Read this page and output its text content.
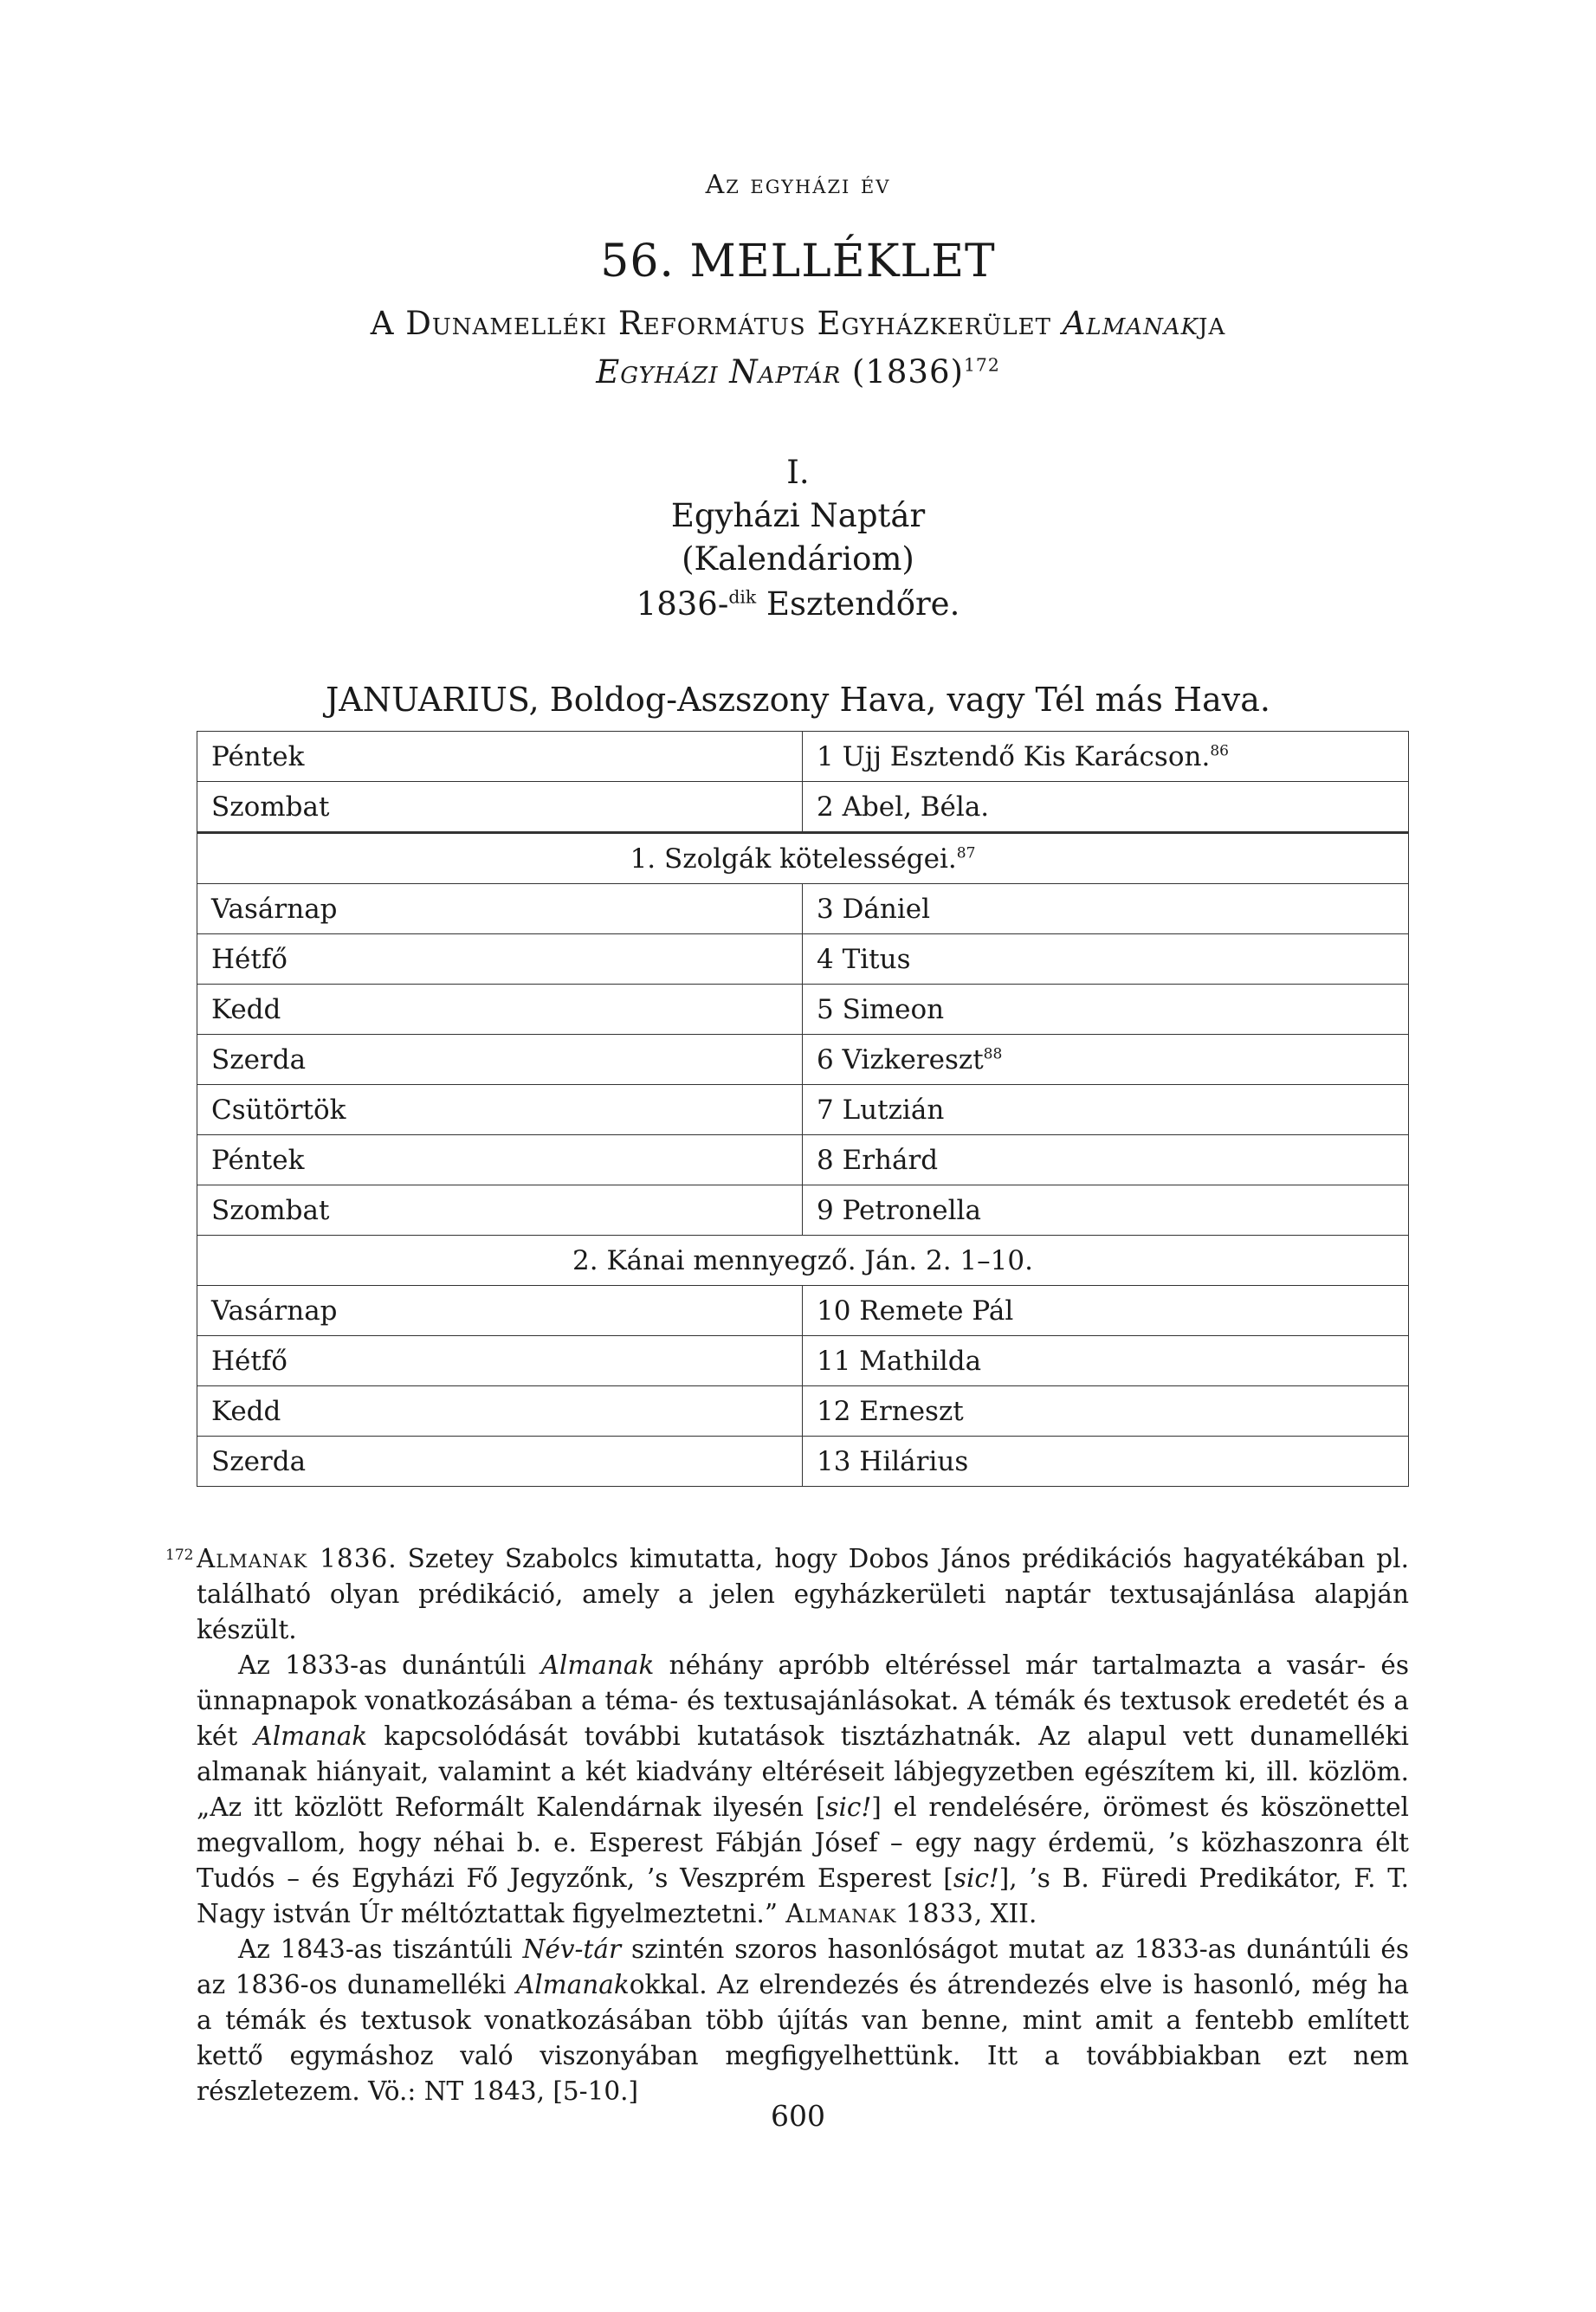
Az egyházi év
56. MELLÉKLET
A Dunamelléki Református Egyházkerület Almanakja
Egyházi Naptár $(1836)^{172}$
I.
Egyházi Naptár
(Kalendáriom)
1836-$^{dik}$ Esztendőre.
JANUARIUS, Boldog-Aszszony Hava, vagy Tél más Hava.
Péntek	1 Ujj Esztendő Kis Karácson.$^{86}$
Szombat	2 Abel, Béla.
1. Szolgák kötelességei.$^{87}$
Vasárnap	3 Dániel
Hétfő	4 Titus
Kedd	5 Simeon
Szerda	6 Vizkereszt$^{88}$
Csütörtök	7 Lutzián
Péntek	8 Erhárd
Szombat	9 Petronella
2. Kánai mennyegző. Ján. 2. 1–10.	
Vasárnap	10 Remete Pál
Hétfő	11 Mathilda
Kedd	12 Erneszt
Szerda	13 Hilárius
172 Almanak 1836. Szetey Szabolcs kimutatta, hogy Dobos János prédikációs hagyatékában pl. található olyan prédikáció, amely a jelen egyházkerületi naptár textusajánlása alapján készült.

Az 1833-as dunántúli Almanak néhány apróbb eltéréssel már tartalmazta a vasár- és ünnapnapok vonatkozásában a téma- és textusajánlásokat. A témák és textusok eredetét és a két Almanak kapcsolódását további kutatások tisztázhatnák. Az alapul vett dunamelléki almanak hiányait, valamint a két kiadvány eltéréseit lábjegyzetben egészítem ki, ill. közlöm. „Az itt közlött Reformált Kalendárnak ilyesén [sic!] el rendelésére, örömest és köszönettel megvallom, hogy néhai b. e. Esperest Fábján Jósef – egy nagy érdemü, ’s közhaszonra élt Tudós – és Egyházi Fő Jegyzőnk, ’s Veszprém Esperest [sic!], ’s B. Füredi Predikátor, F. T. Nagy istván Úr méltóztattak figyelmeztetni.” Almanak 1833, XII.

Az 1843-as tiszántúli Név-tár szintén szoros hasonlóságot mutat az 1833-as dunántúli és az 1836-os dunamelléki Almanakokkal. Az elrendezés és átrendezés elve is hasonló, még ha a témák és textusok vonatkozásában több újítás van benne, mint amit a fentebb említett kettő egymáshoz való viszonyában megfigyelhettünk. Itt a továbbiakban ezt nem részletezem. Vö.: NT 1843, [5-10.]

600
